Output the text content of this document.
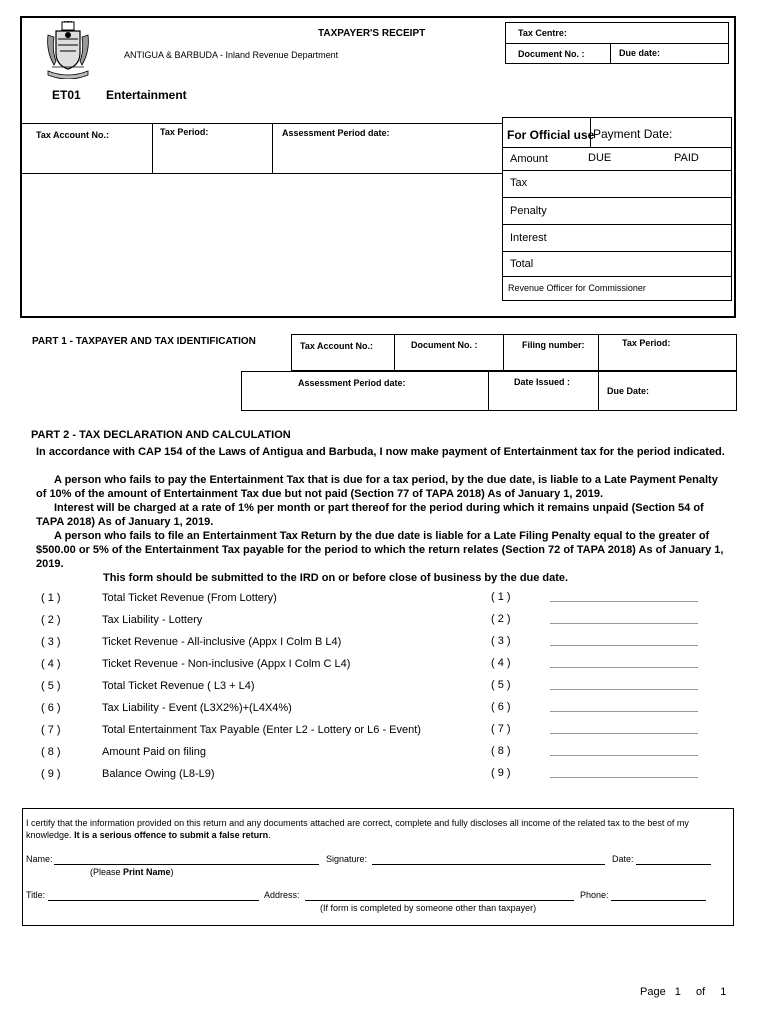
TAXPAYER'S RECEIPT
ANTIGUA & BARBUDA - Inland Revenue Department
Tax Centre:
Document No. :	Due date:
ET01 Entertainment
Tax Account No.:	Tax Period:	Assessment Period date:	For Official use
Payment Date:
Amount	DUE	PAID
Tax
Penalty
Interest
Total
Revenue Officer for Commissioner
PART 1 - TAXPAYER AND TAX IDENTIFICATION	Tax Account No.:	Document No. :	Filing number:	Tax Period:
Assessment Period date:	Date Issued :
Due Date:
PART 2 - TAX DECLARATION AND CALCULATION
In accordance with CAP 154 of the Laws of Antigua and Barbuda, I now make payment of Entertainment tax for the period indicated.
A person who fails to pay the Entertainment Tax that is due for a tax period, by the due date, is liable to a Late Payment Penalty of 10% of the amount of Entertainment Tax due but not paid (Section 77 of TAPA 2018) As of January 1, 2019.
Interest will be charged at a rate of 1% per month or part thereof for the period during which it remains unpaid (Section 54 of TAPA 2018) As of January 1, 2019.
A person who fails to file an Entertainment Tax Return by the due date is liable for a Late Filing Penalty equal to the greater of $500.00 or 5% of the Entertainment Tax payable for the period to which the return relates (Section 72 of TAPA 2018) As of January 1, 2019.
This form should be submitted to the IRD on or before close of business by the due date.
( 1 )	Total Ticket Revenue (From Lottery)	( 1 )
( 2 )	Tax Liability - Lottery	( 2 )
( 3 )	Ticket Revenue - All-inclusive (Appx I Colm B L4)	( 3 )
( 4 )	Ticket Revenue - Non-inclusive (Appx I Colm C L4)	( 4 )
( 5 )	Total Ticket Revenue ( L3 + L4)	( 5 )
( 6 )	Tax Liability - Event (L3X2%)+(L4X4%)	( 6 )
( 7 )	Total Entertainment Tax Payable (Enter L2 - Lottery or L6 - Event)	( 7 )
( 8 )	Amount Paid on filing	( 8 )
( 9 )	Balance Owing (L8-L9)	( 9 )
I certify that the information provided on this return and any documents attached are correct, complete and fully discloses all income of the related tax to the best of my knowledge. It is a serious offence to submit a false return.
Name:	Signature:	Date:
(Please Print Name)
Title:	Address:	Phone:
(If form is completed by someone other than taxpayer)
Page 1 of 1
